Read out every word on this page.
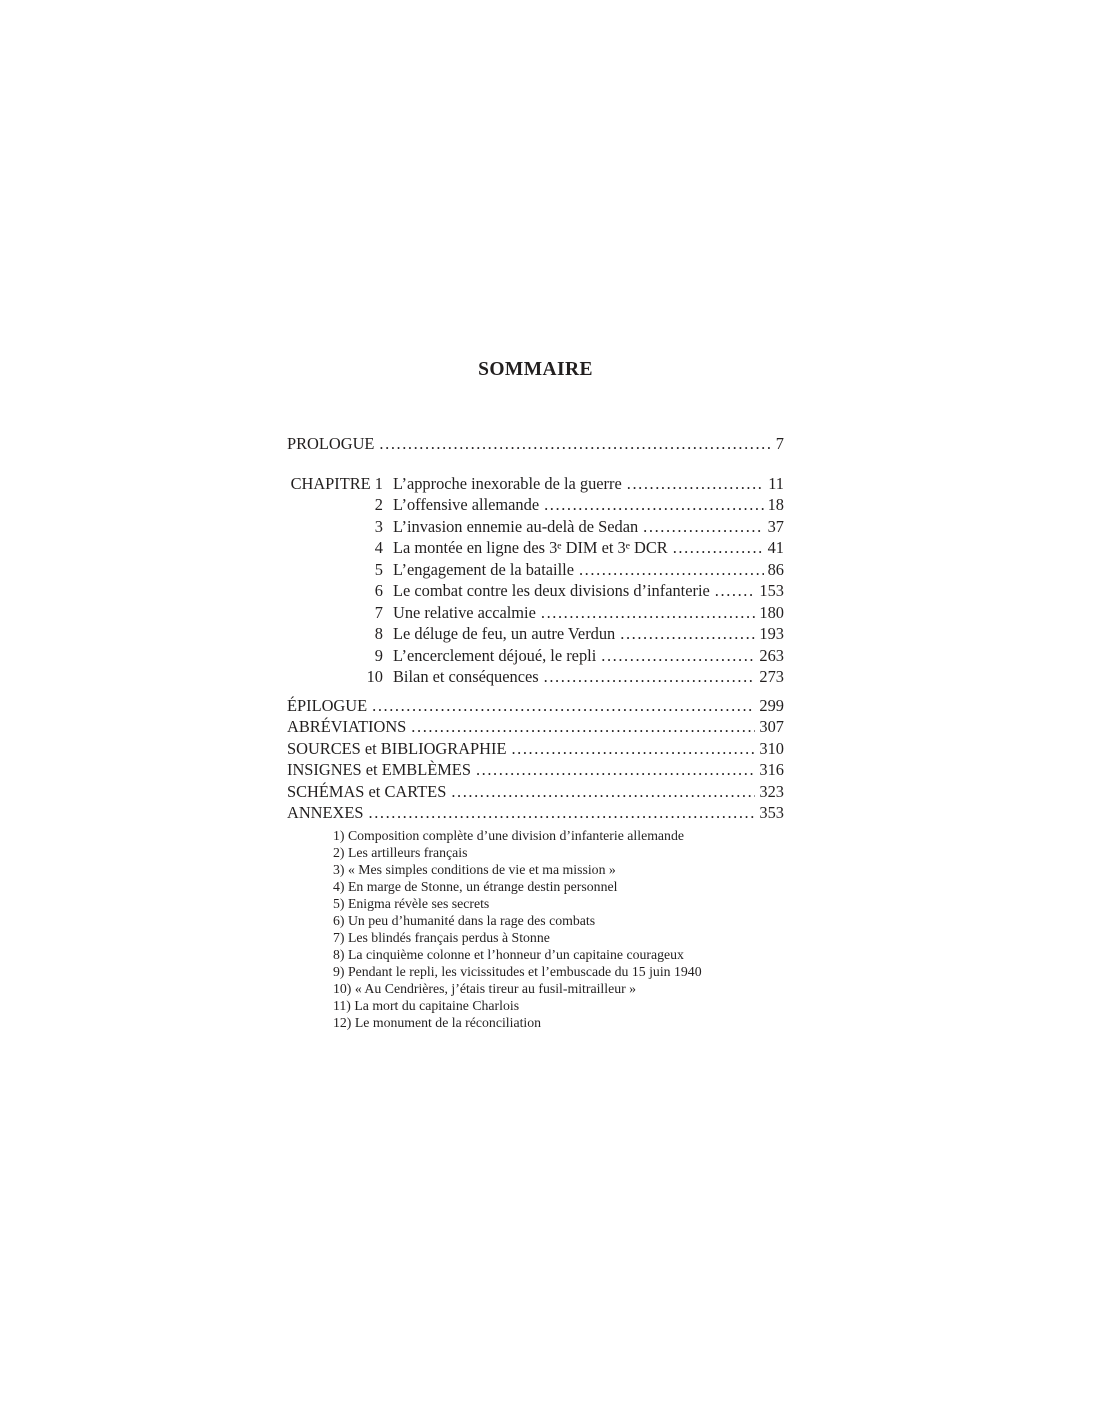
SOMMAIRE
PROLOGUE .....	7
CHAPITRE 1 L’approche inexorable de la guerre .....	11
2 L’offensive allemande .....	18
3 L’invasion ennemie au-delà de Sedan .....	37
4 La montée en ligne des 3ᵉ DIM et 3ᵉ DCR .....	41
5 L’engagement de la bataille .....	86
6 Le combat contre les deux divisions d’infanterie .....	153
7 Une relative accalmie .....	180
8 Le déluge de feu, un autre Verdun .....	193
9 L’encerclement déjoué, le repli .....	263
10 Bilan et conséquences .....	273
ÉPILOGUE .....	299
ABRÉVIATIONS .....	307
SOURCES et BIBLIOGRAPHIE .....	310
INSIGNES et EMBLÈMES .....	316
SCHÉMAS et CARTES .....	323
ANNEXES .....	353
1) Composition complète d’une division d’infanterie allemande
2) Les artilleurs français
3) « Mes simples conditions de vie et ma mission »
4) En marge de Stonne, un étrange destin personnel
5) Enigma révèle ses secrets
6) Un peu d’humanité dans la rage des combats
7) Les blindés français perdus à Stonne
8) La cinquième colonne et l’honneur d’un capitaine courageux
9) Pendant le repli, les vicissitudes et l’embuscade du 15 juin 1940
10) « Au Cendrières, j’étais tireur au fusil-mitrailleur »
11) La mort du capitaine Charlois
12) Le monument de la réconciliation
